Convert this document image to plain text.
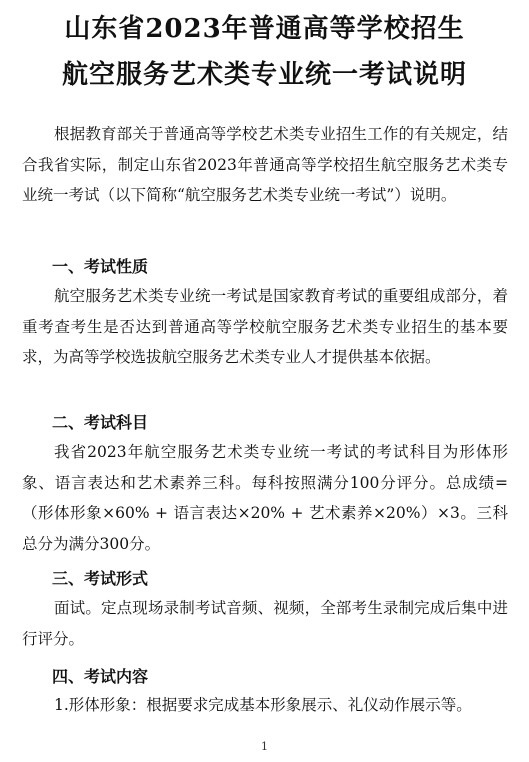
山东省2023年普通高等学校招生
航空服务艺术类专业统一考试说明

根据教育部关于普通高等学校艺术类专业招生工作的有关规定，结合我省实际，制定山东省2023年普通高等学校招生航空服务艺术类专业统一考试（以下简称“航空服务艺术类专业统一考试”）说明。

一、考试性质

航空服务艺术类专业统一考试是国家教育考试的重要组成部分，着重考查考生是否达到普通高等学校航空服务艺术类专业招生的基本要求，为高等学校选拔航空服务艺术类专业人才提供基本依据。

二、考试科目

我省2023年航空服务艺术类专业统一考试的考试科目为形体形象、语言表达和艺术素养三科。每科按照满分100分评分。总成绩=（形体形象×60% + 语言表达×20% + 艺术素养×20%）×3。三科总分为满分300分。

三、考试形式

面试。定点现场录制考试音频、视频，全部考生录制完成后集中进行评分。

四、考试内容

1.形体形象：根据要求完成基本形象展示、礼仪动作展示等。

1
